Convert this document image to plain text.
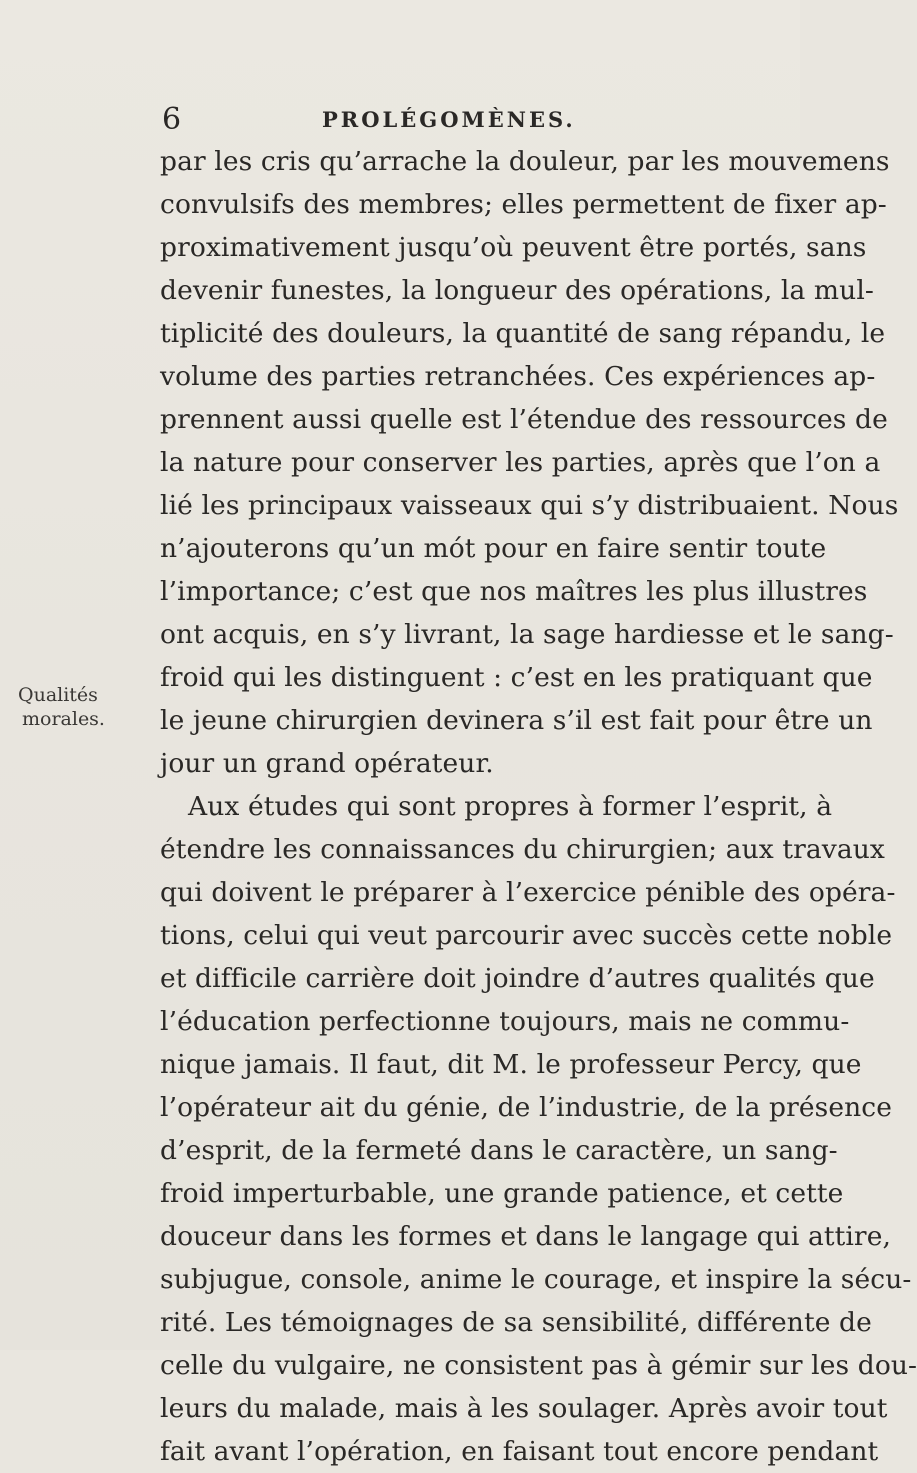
6	PROLÉGOMÈNES.
Qualités
morales.
par les cris qu’arrache la douleur, par les mouvemens
convulsifs des membres; elles permettent de fixer ap-
proximativement jusqu’où peuvent être portés, sans
devenir funestes, la longueur des opérations, la mul-
tiplicité des douleurs, la quantité de sang répandu, le
volume des parties retranchées. Ces expériences ap-
prennent aussi quelle est l’étendue des ressources de
la nature pour conserver les parties, après que l’on a
lié les principaux vaisseaux qui s’y distribuaient. Nous
n’ajouterons qu’un mót pour en faire sentir toute
l’importance; c’est que nos maîtres les plus illustres
ont acquis, en s’y livrant, la sage hardiesse et le sang-
froid qui les distinguent : c’est en les pratiquant que
le jeune chirurgien devinera s’il est fait pour être un
jour un grand opérateur.
Aux études qui sont propres à former l’esprit, à
étendre les connaissances du chirurgien; aux travaux
qui doivent le préparer à l’exercice pénible des opéra-
tions, celui qui veut parcourir avec succès cette noble
et difficile carrière doit joindre d’autres qualités que
l’éducation perfectionne toujours, mais ne commu-
nique jamais. Il faut, dit M. le professeur Percy, que
l’opérateur ait du génie, de l’industrie, de la présence
d’esprit, de la fermeté dans le caractère, un sang-
froid imperturbable, une grande patience, et cette
douceur dans les formes et dans le langage qui attire,
subjugue, console, anime le courage, et inspire la sécu-
rité. Les témoignages de sa sensibilité, différente de
celle du vulgaire, ne consistent pas à gémir sur les dou-
leurs du malade, mais à les soulager. Après avoir tout
fait avant l’opération, en faisant tout encore pendant
